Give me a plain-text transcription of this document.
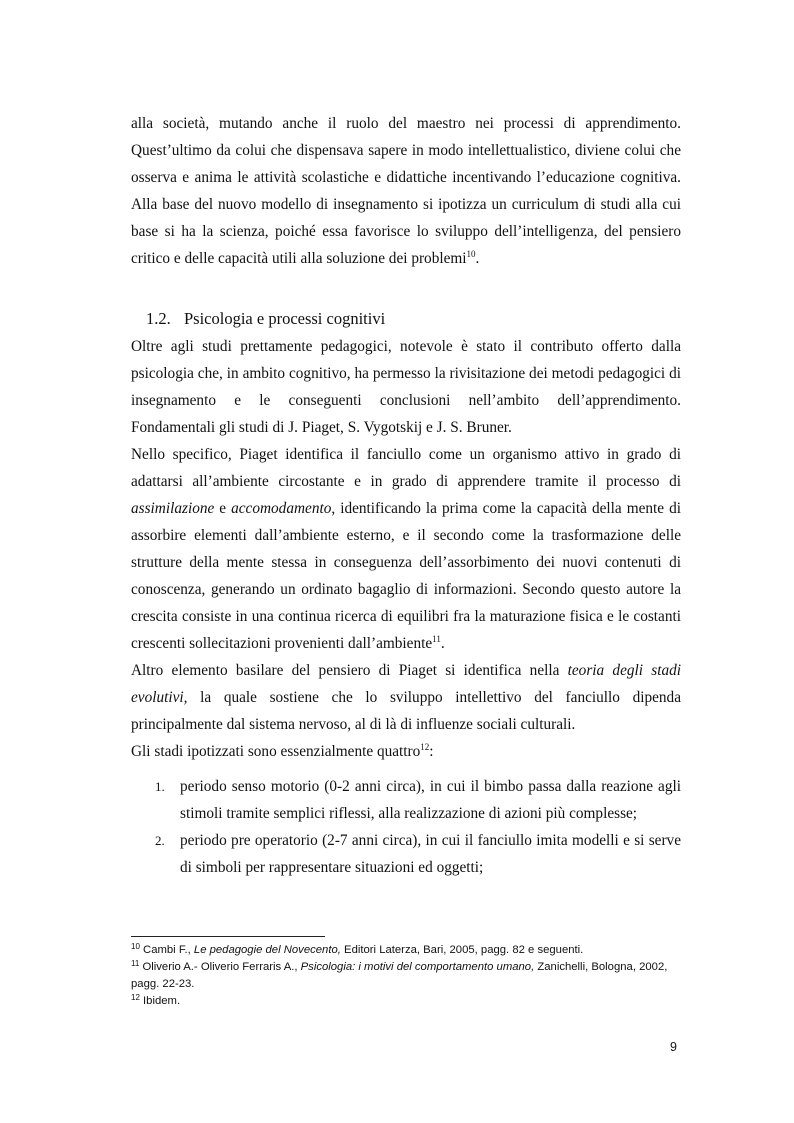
alla società, mutando anche il ruolo del maestro nei processi di apprendimento. Quest’ultimo da colui che dispensava sapere in modo intellettualistico, diviene colui che osserva e anima le attività scolastiche e didattiche incentivando l’educazione cognitiva. Alla base del nuovo modello di insegnamento si ipotizza un curriculum di studi alla cui base si ha la scienza, poiché essa favorisce lo sviluppo dell’intelligenza, del pensiero critico e delle capacità utili alla soluzione dei problemi$^{10}$.

1.2. Psicologia e processi cognitivi

Oltre agli studi prettamente pedagogici, notevole è stato il contributo offerto dalla psicologia che, in ambito cognitivo, ha permesso la rivisitazione dei metodi pedagogici di insegnamento e le conseguenti conclusioni nell’ambito dell’apprendimento. Fondamentali gli studi di J. Piaget, S. Vygotskij e J. S. Bruner.

Nello specifico, Piaget identifica il fanciullo come un organismo attivo in grado di adattarsi all’ambiente circostante e in grado di apprendere tramite il processo di assimilazione e accomodamento, identificando la prima come la capacità della mente di assorbire elementi dall’ambiente esterno, e il secondo come la trasformazione delle strutture della mente stessa in conseguenza dell’assorbimento dei nuovi contenuti di conoscenza, generando un ordinato bagaglio di informazioni. Secondo questo autore la crescita consiste in una continua ricerca di equilibri fra la maturazione fisica e le costanti crescenti sollecitazioni provenienti dall’ambiente$^{11}$.

Altro elemento basilare del pensiero di Piaget si identifica nella teoria degli stadi evolutivi, la quale sostiene che lo sviluppo intellettivo del fanciullo dipenda principalmente dal sistema nervoso, al di là di influenze sociali culturali.

Gli stadi ipotizzati sono essenzialmente quattro$^{12}$:

1. periodo senso motorio (0-2 anni circa), in cui il bimbo passa dalla reazione agli stimoli tramite semplici riflessi, alla realizzazione di azioni più complesse;
2. periodo pre operatorio (2-7 anni circa), in cui il fanciullo imita modelli e si serve di simboli per rappresentare situazioni ed oggetti;

$^{10}$ Cambi F., Le pedagogie del Novecento, Editori Laterza, Bari, 2005, pagg. 82 e seguenti.

$^{11}$ Oliverio A.- Oliverio Ferraris A., Psicologia: i motivi del comportamento umano, Zanichelli, Bologna, 2002, pagg. 22-23.

$^{12}$ Ibidem.

9
